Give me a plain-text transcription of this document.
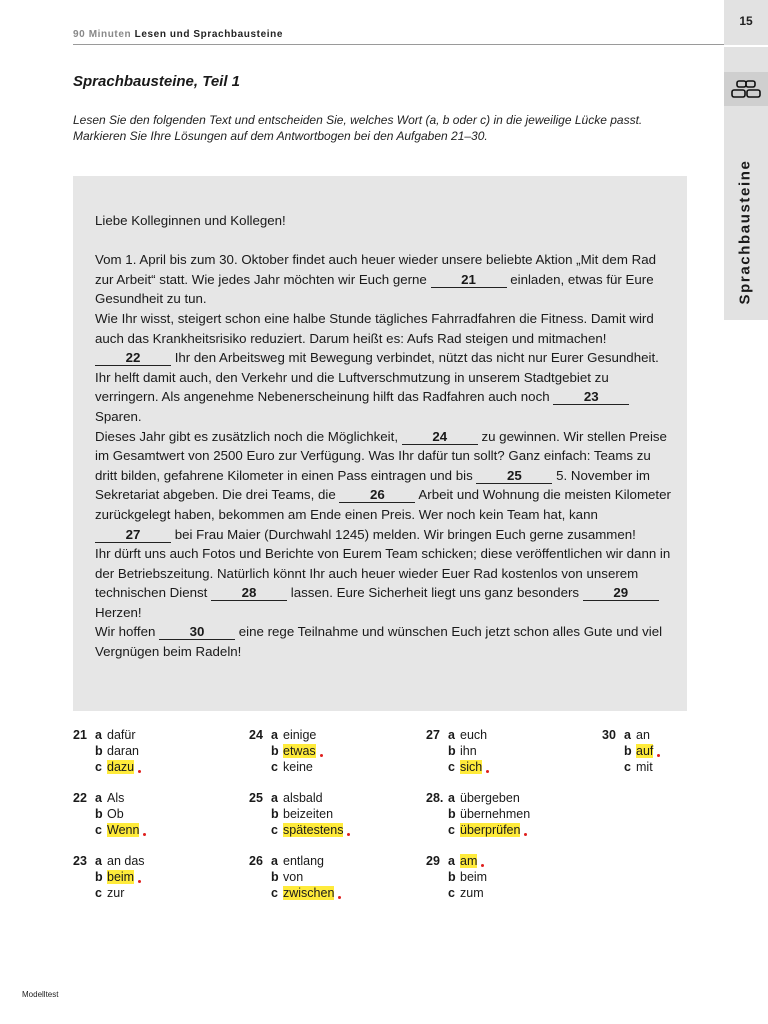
90 Minuten Lesen und Sprachbausteine
15
Sprachbausteine
Sprachbausteine, Teil 1
Lesen Sie den folgenden Text und entscheiden Sie, welches Wort (a, b oder c) in die jeweilige Lücke passt. Markieren Sie Ihre Lösungen auf dem Antwortbogen bei den Aufgaben 21–30.

Liebe Kolleginnen und Kollegen!

Vom 1. April bis zum 30. Oktober findet auch heuer wieder unsere beliebte Aktion „Mit dem Rad zur Arbeit“ statt. Wie jedes Jahr möchten wir Euch gerne	21	einladen, etwas für Eure Gesundheit zu tun.

Wie Ihr wisst, steigert schon eine halbe Stunde tägliches Fahrradfahren die Fitness. Damit wird auch das Krankheitsrisiko reduziert. Darum heißt es: Aufs Rad steigen und mitmachen! 22	Ihr den Arbeitsweg mit Bewegung verbindet, nützt das nicht nur Eurer Gesundheit. Ihr helft damit auch, den Verkehr und die Luftverschmutzung in unserem Stadtgebiet zu verringern. Als angenehme Nebenerscheinung hilft das Radfahren auch noch	23 Sparen.

Dieses Jahr gibt es zusätzlich noch die Möglichkeit,	24	zu gewinnen. Wir stellen Preise im Gesamtwert von 2500 Euro zur Verfügung. Was Ihr dafür tun sollt? Ganz einfach: Teams zu dritt bilden, gefahrene Kilometer in einen Pass eintragen und bis	25	5. November im Sekretariat abgeben. Die drei Teams, die	26	Arbeit und Wohnung die meisten Kilometer zurückgelegt haben, bekommen am Ende einen Preis. Wer noch kein Team hat, kann 27	bei Frau Maier (Durchwahl 1245) melden. Wir bringen Euch gerne zusammen!

Ihr dürft uns auch Fotos und Berichte von Eurem Team schicken; diese veröffentlichen wir dann in der Betriebszeitung. Natürlich könnt Ihr auch heuer wieder Euer Rad kostenlos von unserem technischen Dienst	28	lassen. Eure Sicherheit liegt uns ganz besonders	29 Herzen!

Wir hoffen	30	eine rege Teilnahme und wünschen Euch jetzt schon alles Gute und viel Vergnügen beim Radeln!

21 a dafür
b daran
c dazu
22 a Als
b Ob
c Wenn
23 a an das
b beim
c zur
24 a einige
b etwas
c keine
25 a alsbald
b beizeiten
c spätestens
26 a entlang
b von
c zwischen
27 a euch
b ihn
c sich
28. a übergeben
b übernehmen
c überprüfen
29 a am
b beim
c zum
30 a an
b auf
c mit
Modelltest
